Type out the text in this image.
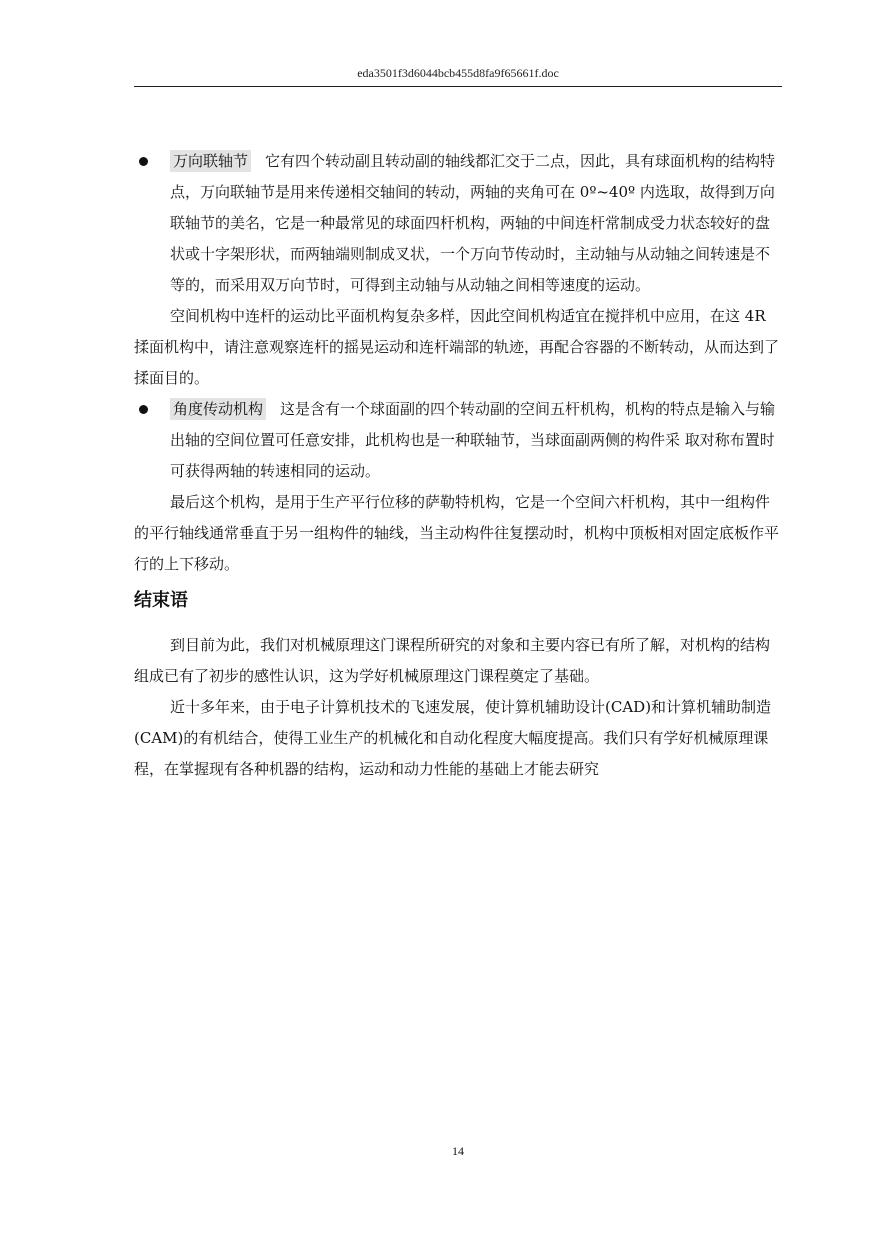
eda3501f3d6044bcb455d8fa9f65661f.doc
万向联轴节 它有四个转动副且转动副的轴线都汇交于二点，因此，具有球面机构的结构特点，万向联轴节是用来传递相交轴间的转动，两轴的夹角可在 0º~40º 内选取，故得到万向联轴节的美名，它是一种最常见的球面四杆机构，两轴的中间连杆常制成受力状态较好的盘状或十字架形状，而两轴端则制成叉状，一个万向节传动时，主动轴与从动轴之间转速是不等的，而采用双万向节时，可得到主动轴与从动轴之间相等速度的运动。
空间机构中连杆的运动比平面机构复杂多样，因此空间机构适宜在搅拌机中应用，在这 4R 揉面机构中，请注意观察连杆的摇晃运动和连杆端部的轨迹，再配合容器的不断转动，从而达到了揉面目的。
角度传动机构 这是含有一个球面副的四个转动副的空间五杆机构，机构的特点是输入与输出轴的空间位置可任意安排，此机构也是一种联轴节，当球面副两侧的构件采 取对称布置时可获得两轴的转速相同的运动。
最后这个机构，是用于生产平行位移的萨勒特机构，它是一个空间六杆机构，其中一组构件的平行轴线通常垂直于另一组构件的轴线，当主动构件往复摆动时，机构中顶板相对固定底板作平行的上下移动。
结束语
到目前为此，我们对机械原理这门课程所研究的对象和主要内容已有所了解，对机构的结构组成已有了初步的感性认识，这为学好机械原理这门课程奠定了基础。
近十多年来，由于电子计算机技术的飞速发展，使计算机辅助设计(CAD)和计算机辅助制造(CAM)的有机结合，使得工业生产的机械化和自动化程度大幅度提高。我们只有学好机械原理课程，在掌握现有各种机器的结构，运动和动力性能的基础上才能去研究
14
